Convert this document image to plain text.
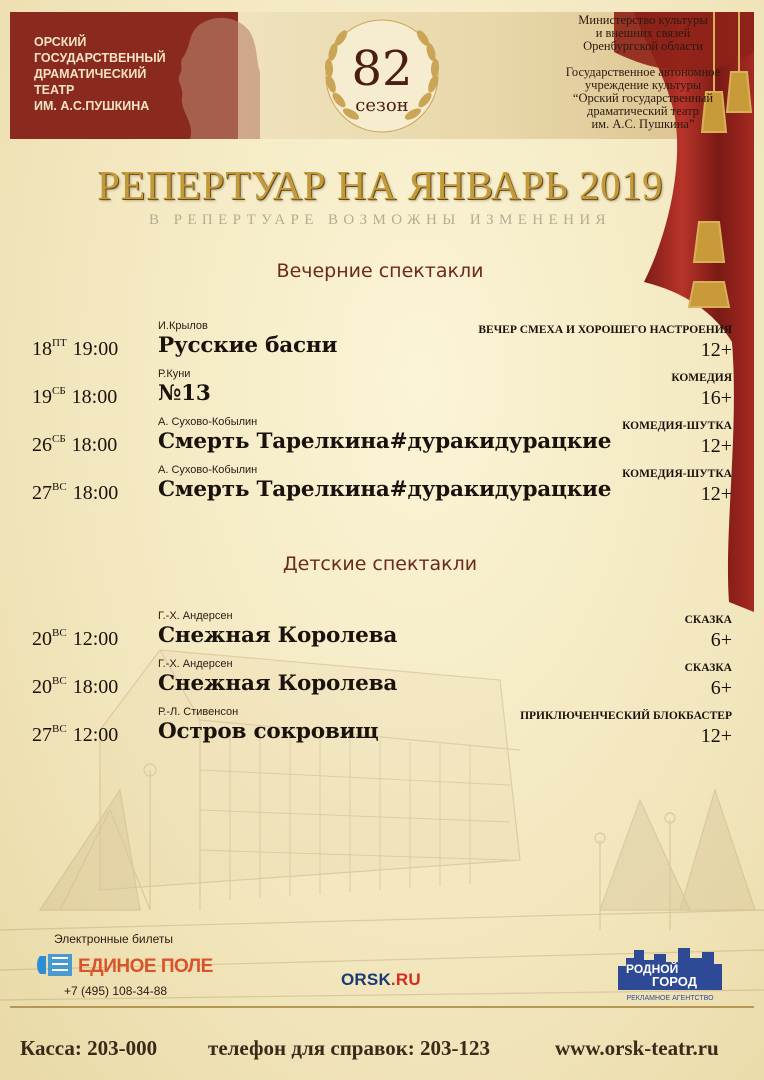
ОРСКИЙ
ГОСУДАРСТВЕННЫЙ
ДРАМАТИЧЕСКИЙ
ТЕАТР
ИМ. А.С.ПУШКИНА
82
сезон

Министерство культуры

и внешних связей

Оренбургской области

Государственное автономное

учреждение культуры

“Орский государственный

драматический театр

им. А.С. Пушкина”

РЕПЕРТУАР НА ЯНВАРЬ 2019
В РЕПЕРТУАРЕ ВОЗМОЖНЫ ИЗМЕНЕНИЯ
Вечерние спектакли
$18^{ПТ}$ 19:00
И.Крылов
Русские басни
ВЕЧЕР СМЕХА И ХОРОШЕГО НАСТРОЕНИЯ
12+
$19^{СБ}$ 18:00
Р.Куни
№13
КОМЕДИЯ
16+
$26^{СБ}$ 18:00
А. Сухово-Кобылин
Смерть Тарелкина#дуракидурацкие
КОМЕДИЯ-ШУТКА
12+
$27^{ВС}$ 18:00
А. Сухово-Кобылин
Смерть Тарелкина#дуракидурацкие
КОМЕДИЯ-ШУТКА
12+
Детские спектакли
$20^{ВС}$ 12:00
Г.-Х. Андерсен
Снежная Королева
СКАЗКА
6+
$20^{ВС}$ 18:00
Г.-Х. Андерсен
Снежная Королева
СКАЗКА
6+
$27^{ВС}$ 12:00
Р.-Л. Стивенсон
Остров сокровищ
ПРИКЛЮЧЕНЧЕСКИЙ БЛОКБАСТЕР
12+
Электронные билеты
ЕДИНОЕ ПОЛЕ
+7 (495) 108-34-88
ORSK.RU
РОДНОЙ
ГОРОД
РЕКЛАМНОЕ АГЕНТСТВО
Касса: 203-000 телефон для справок: 203-123	www.orsk-teatr.ru
